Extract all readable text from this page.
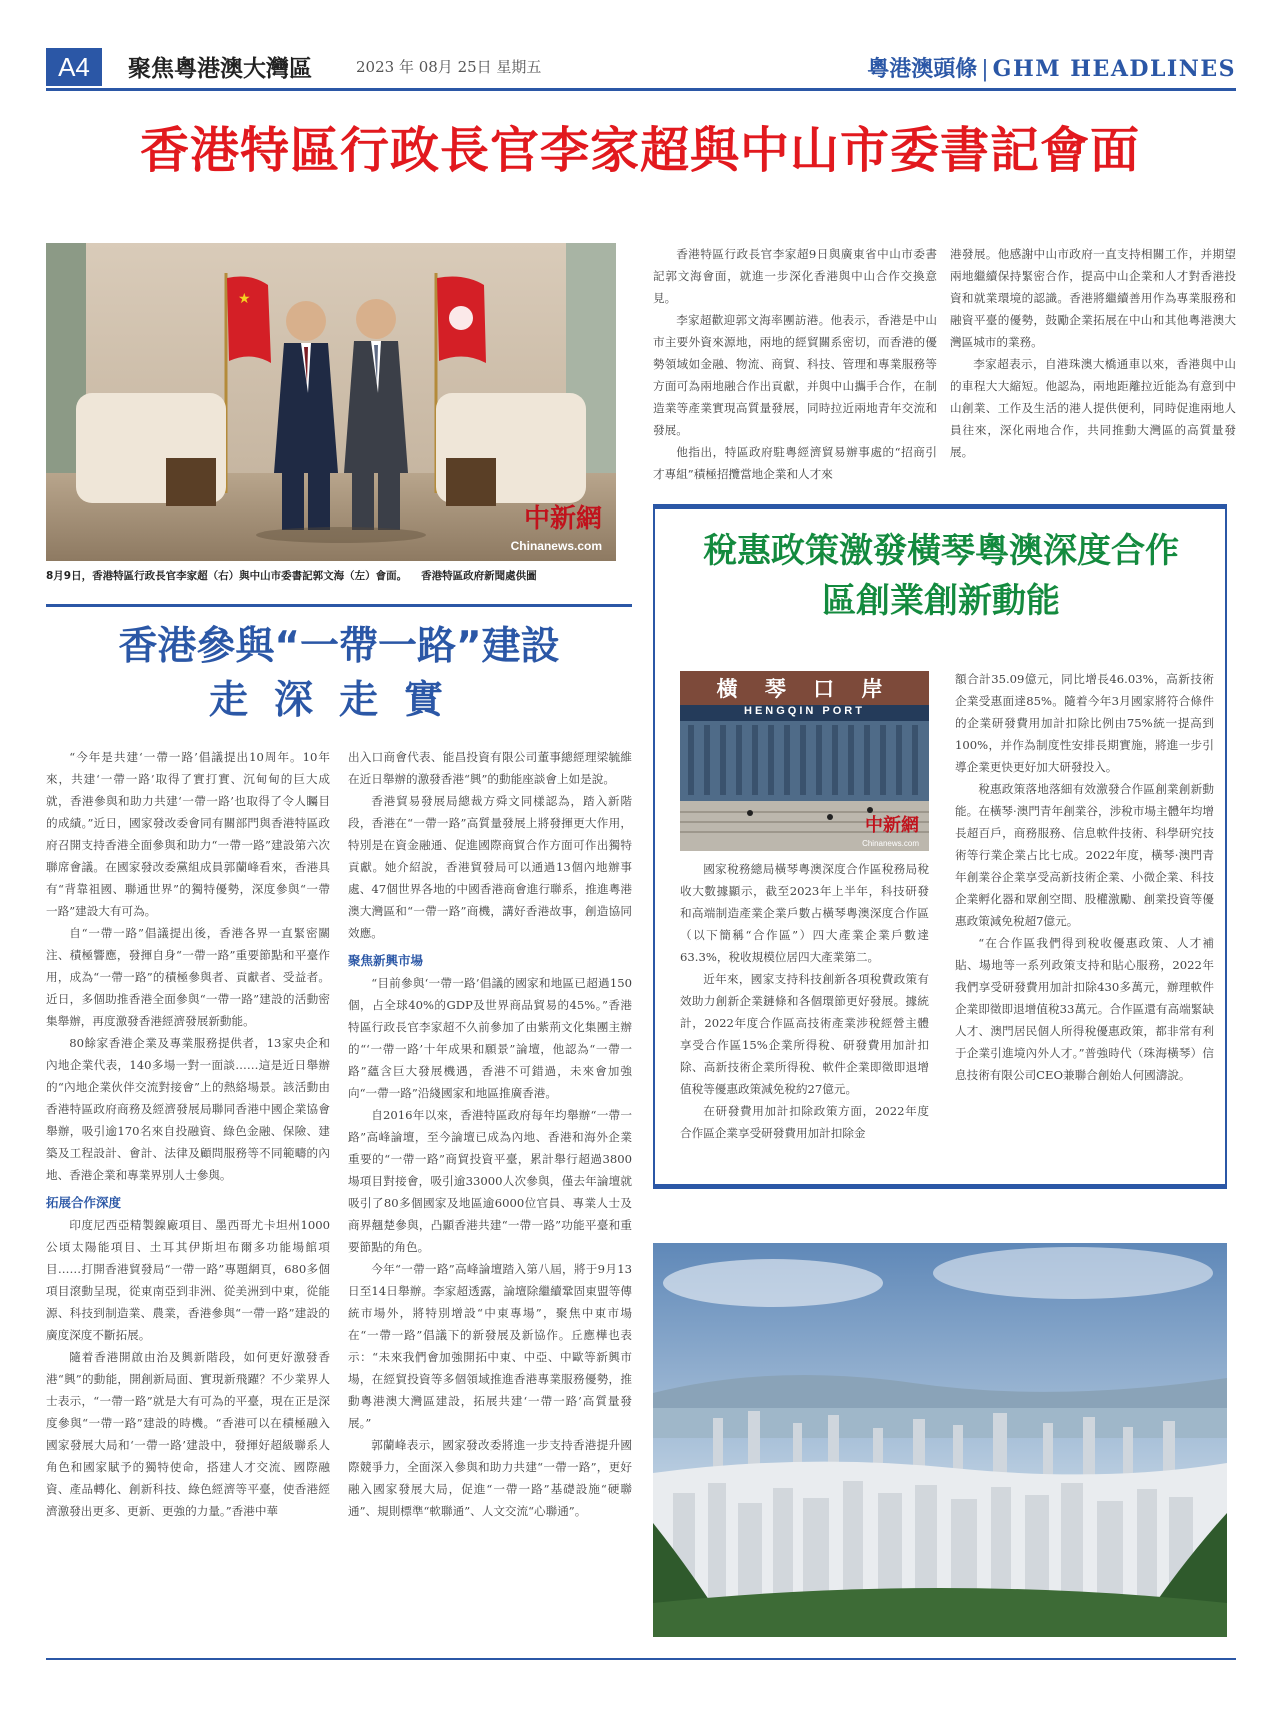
A4	聚焦粵港澳大灣區	2023 年 08月 25日 星期五	粵港澳頭條 | GHM HEADLINES
香港特區行政長官李家超與中山市委書記會面
★
中新網
Chinanews.com
8月9日，香港特區行政長官李家超（右）與中山市委書記郭文海（左）會面。 香港特區政府新聞處供圖

香港特區行政長官李家超9日與廣東省中山市委書記郭文海會面，就進一步深化香港與中山合作交換意見。

李家超歡迎郭文海率團訪港。他表示，香港是中山市主要外資來源地，兩地的經貿關系密切，而香港的優勢領域如金融、物流、商貿、科技、管理和專業服務等方面可為兩地融合作出貢獻，并與中山攜手合作，在制造業等產業實現高質量發展，同時拉近兩地青年交流和發展。

他指出，特區政府駐粵經濟貿易辦事處的“招商引才專組”積極招攬當地企業和人才來

港發展。他感謝中山市政府一直支持相關工作，并期望兩地繼續保持緊密合作，提高中山企業和人才對香港投資和就業環境的認識。香港將繼續善用作為專業服務和融資平臺的優勢，鼓勵企業拓展在中山和其他粵港澳大灣區城市的業務。

李家超表示，自港珠澳大橋通車以來，香港與中山的車程大大縮短。他認為，兩地距離拉近能為有意到中山創業、工作及生活的港人提供便利，同時促進兩地人員往來，深化兩地合作，共同推動大灣區的高質量發展。

香港參與“一帶一路”建設
走深走實

“今年是共建‘一帶一路’倡議提出10周年。10年來，共建‘一帶一路’取得了實打實、沉甸甸的巨大成就，香港參與和助力共建‘一帶一路’也取得了令人矚目的成績。”近日，國家發改委會同有關部門與香港特區政府召開支持香港全面參與和助力“一帶一路”建設第六次聯席會議。在國家發改委黨組成員郭蘭峰看來，香港具有“背靠祖國、聯通世界”的獨特優勢，深度參與“一帶一路”建設大有可為。

自“一帶一路”倡議提出後，香港各界一直緊密關注、積極響應，發揮自身“一帶一路”重要節點和平臺作用，成為“一帶一路”的積極參與者、貢獻者、受益者。近日，多個助推香港全面參與“一帶一路”建設的活動密集舉辦，再度激發香港經濟發展新動能。

80餘家香港企業及專業服務提供者，13家央企和內地企業代表，140多場一對一面談……這是近日舉辦的“內地企業伙伴交流對接會”上的熱絡場景。該活動由香港特區政府商務及經濟發展局聯同香港中國企業協會舉辦，吸引逾170名來自投融資、綠色金融、保險、建築及工程設計、會計、法律及顧問服務等不同範疇的內地、香港企業和專業界別人士參與。

拓展合作深度

印度尼西亞精製鎳廠項目、墨西哥尤卡坦州1000公頃太陽能項目、土耳其伊斯坦布爾多功能場館項目……打開香港貿發局“一帶一路”專題網頁，680多個項目滾動呈現，從東南亞到非洲、從美洲到中東，從能源、科技到制造業、農業，香港參與“一帶一路”建設的廣度深度不斷拓展。

隨着香港開啟由治及興新階段，如何更好激發香港“興”的動能，開創新局面、實現新飛躍？不少業界人士表示，“一帶一路”就是大有可為的平臺，現在正是深度參與“一帶一路”建設的時機。“香港可以在積極融入國家發展大局和‘一帶一路’建設中，發揮好超級聯系人角色和國家賦予的獨特使命，搭建人才交流、國際融資、產品轉化、創新科技、綠色經濟等平臺，使香港經濟激發出更多、更新、更強的力量。”香港中華

出入口商會代表、能昌投資有限公司董事總經理梁毓維在近日舉辦的激發香港“興”的動能座談會上如是說。

香港貿易發展局總裁方舜文同樣認為，踏入新階段，香港在“一帶一路”高質量發展上將發揮更大作用，特別是在資金融通、促進國際商貿合作方面可作出獨特貢獻。她介紹說，香港貿發局可以通過13個內地辦事處、47個世界各地的中國香港商會進行聯系，推進粵港澳大灣區和“一帶一路”商機，講好香港故事，創造協同效應。

聚焦新興市場

“目前參與‘一帶一路’倡議的國家和地區已超過150個，占全球40%的GDP及世界商品貿易的45%。”香港特區行政長官李家超不久前參加了由紫荊文化集團主辦的“‘一帶一路’十年成果和願景”論壇，他認為“一帶一路”蘊含巨大發展機遇，香港不可錯過，未來會加強向“一帶一路”沿綫國家和地區推廣香港。

自2016年以來，香港特區政府每年均舉辦“一帶一路”高峰論壇，至今論壇已成為內地、香港和海外企業重要的“一帶一路”商貿投資平臺，累計舉行超過3800場項目對接會，吸引逾33000人次參與，僅去年論壇就吸引了80多個國家及地區逾6000位官員、專業人士及商界翹楚參與，凸顯香港共建“一帶一路”功能平臺和重要節點的角色。

今年“一帶一路”高峰論壇踏入第八屆，將于9月13日至14日舉辦。李家超透露，論壇除繼續鞏固東盟等傳統市場外，將特別增設“中東專場”，聚焦中東市場在“一帶一路”倡議下的新發展及新協作。丘應樺也表示：“未來我們會加強開拓中東、中亞、中歐等新興市場，在經貿投資等多個領域推進香港專業服務優勢，推動粵港澳大灣區建設，拓展共建‘一帶一路’高質量發展。”

郭蘭峰表示，國家發改委將進一步支持香港提升國際競爭力，全面深入參與和助力共建“一帶一路”，更好融入國家發展大局，促進“一帶一路”基礎設施“硬聯通”、規則標準“軟聯通”、人文交流“心聯通”。

稅惠政策激發橫琴粵澳深度合作
區創業創新動能
橫 琴 口 岸
HENGQIN PORT
中新網
Chinanews.com

國家稅務總局橫琴粵澳深度合作區稅務局稅收大數據顯示，截至2023年上半年，科技研發和高端制造產業企業戶數占橫琴粵澳深度合作區（以下簡稱“合作區”）四大產業企業戶數達63.3%，稅收規模位居四大產業第二。

近年來，國家支持科技創新各項稅費政策有效助力創新企業鏈條和各個環節更好發展。據統計，2022年度合作區高技術產業涉稅經營主體享受合作區15%企業所得稅、研發費用加計扣除、高新技術企業所得稅、軟件企業即徵即退增值稅等優惠政策減免稅約27億元。

在研發費用加計扣除政策方面，2022年度合作區企業享受研發費用加計扣除金

額合計35.09億元，同比增長46.03%，高新技術企業受惠面達85%。隨着今年3月國家將符合條件的企業研發費用加計扣除比例由75%統一提高到100%，并作為制度性安排長期實施，將進一步引導企業更快更好加大研發投入。

稅惠政策落地落細有效激發合作區創業創新動能。在橫琴·澳門青年創業谷，涉稅市場主體年均增長超百戶，商務服務、信息軟件技術、科學研究技術等行業企業占比七成。2022年度，橫琴·澳門青年創業谷企業享受高新技術企業、小微企業、科技企業孵化器和眾創空間、股權激勵、創業投資等優惠政策減免稅超7億元。

“在合作區我們得到稅收優惠政策、人才補貼、場地等一系列政策支持和貼心服務，2022年我們享受研發費用加計扣除430多萬元，辦理軟件企業即徵即退增值稅33萬元。合作區還有高端緊缺人才、澳門居民個人所得稅優惠政策，都非常有利于企業引進境內外人才。”普強時代（珠海橫琴）信息技術有限公司CEO兼聯合創始人何國濤說。
